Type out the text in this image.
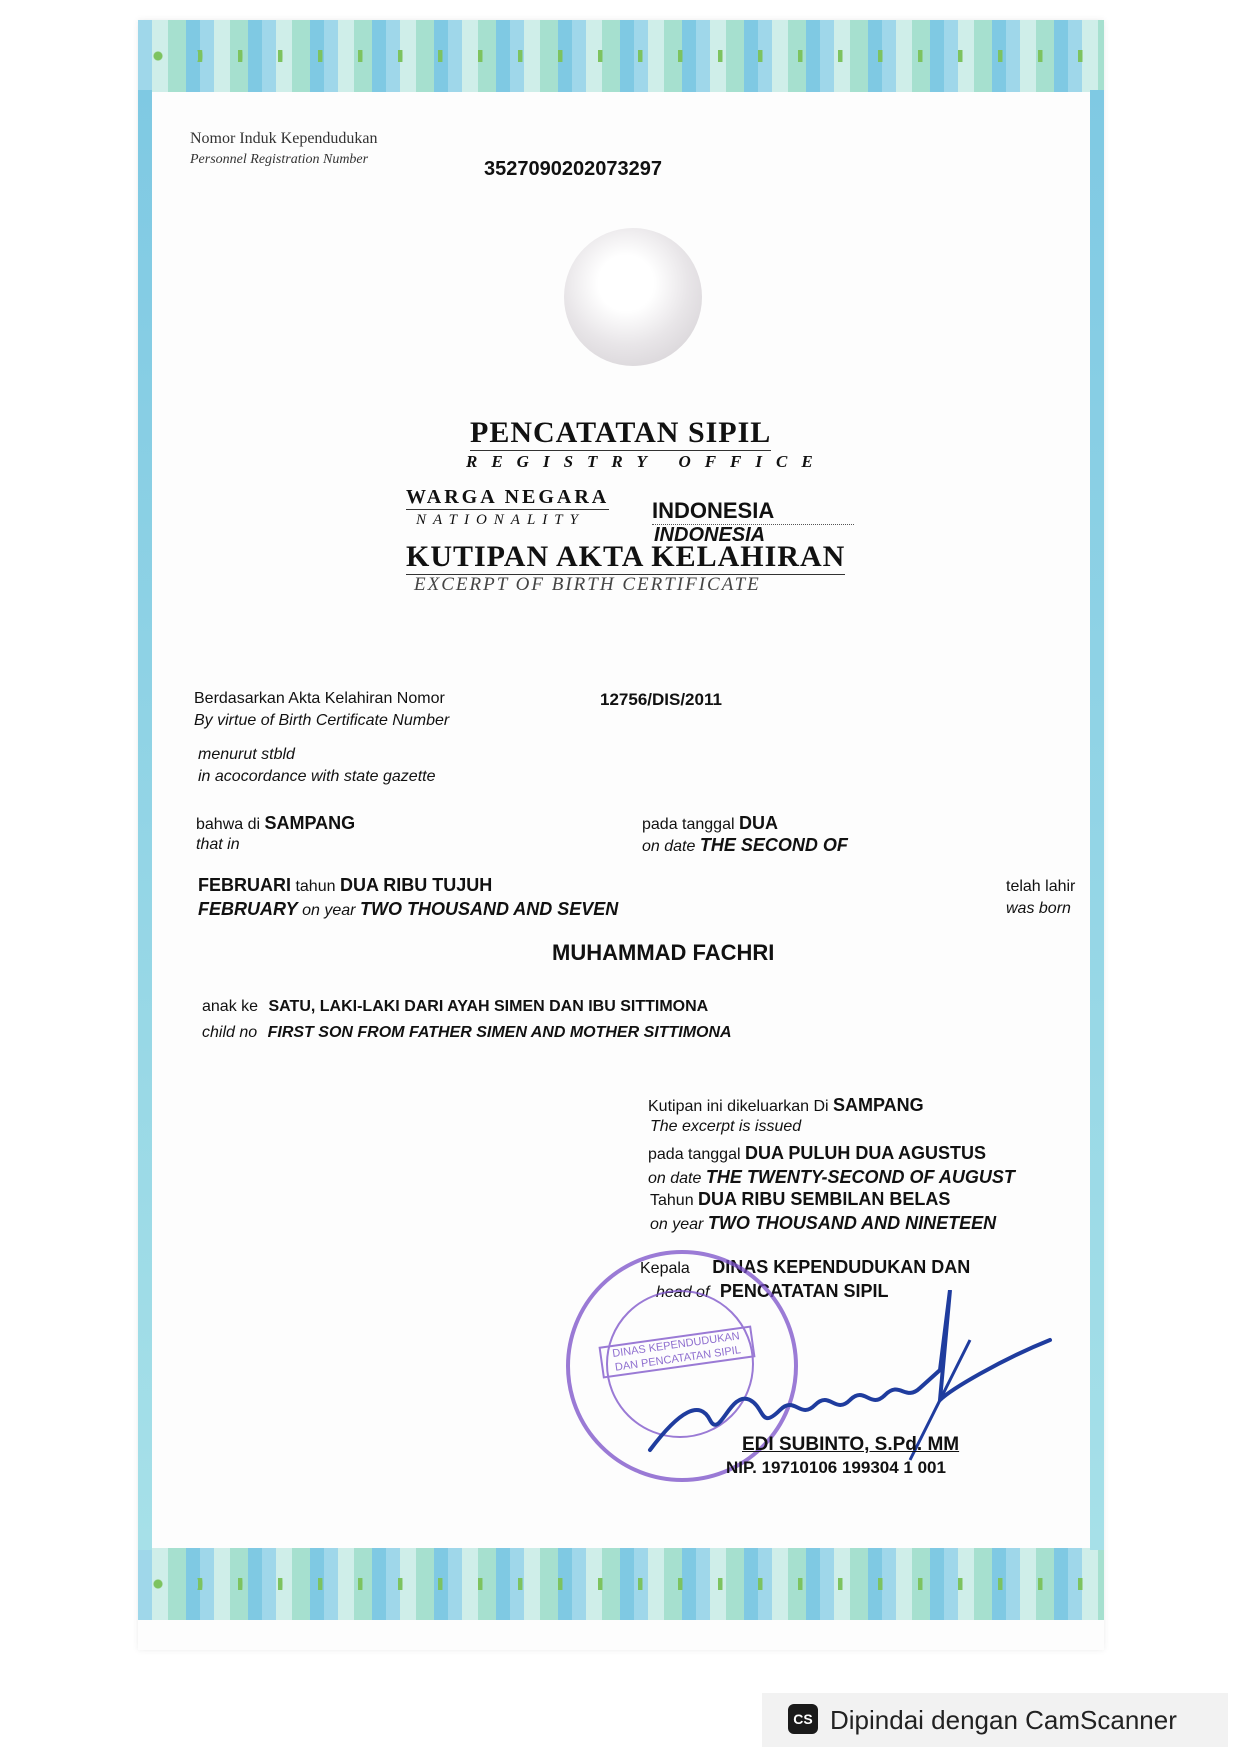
Nomor Induk Kependudukan
Personnel Registration Number	3527090202073297
PENCATATAN SIPIL
REGISTRY OFFICE
WARGA NEGARA
NATIONALITY	INDONESIA
INDONESIA
KUTIPAN AKTA KELAHIRAN
EXCERPT OF BIRTH CERTIFICATE
Berdasarkan Akta Kelahiran Nomor
By virtue of Birth Certificate Number
12756/DIS/2011
menurut stbld
in acocordance with state gazette
bahwa di SAMPANG
that in
pada tanggal DUA
on date THE SECOND OF
FEBRUARI tahun DUA RIBU TUJUH
FEBRUARY on year TWO THOUSAND AND SEVEN
telah lahir
was born
MUHAMMAD FACHRI
anak ke SATU, LAKI-LAKI DARI AYAH SIMEN DAN IBU SITTIMONA
child no FIRST SON FROM FATHER SIMEN AND MOTHER SITTIMONA
Kutipan ini dikeluarkan Di SAMPANG
The excerpt is issued
pada tanggal DUA PULUH DUA AGUSTUS
on date THE TWENTY-SECOND OF AUGUST
Tahun DUA RIBU SEMBILAN BELAS
on year TWO THOUSAND AND NINETEEN
Kepala DINAS KEPENDUDUKAN DAN
head of PENCATATAN SIPIL
DINAS KEPENDUDUKAN DAN PENCATATAN SIPIL
EDI SUBINTO, S.Pd. MM
NIP. 19710106 199304 1 001
CS Dipindai dengan CamScanner
